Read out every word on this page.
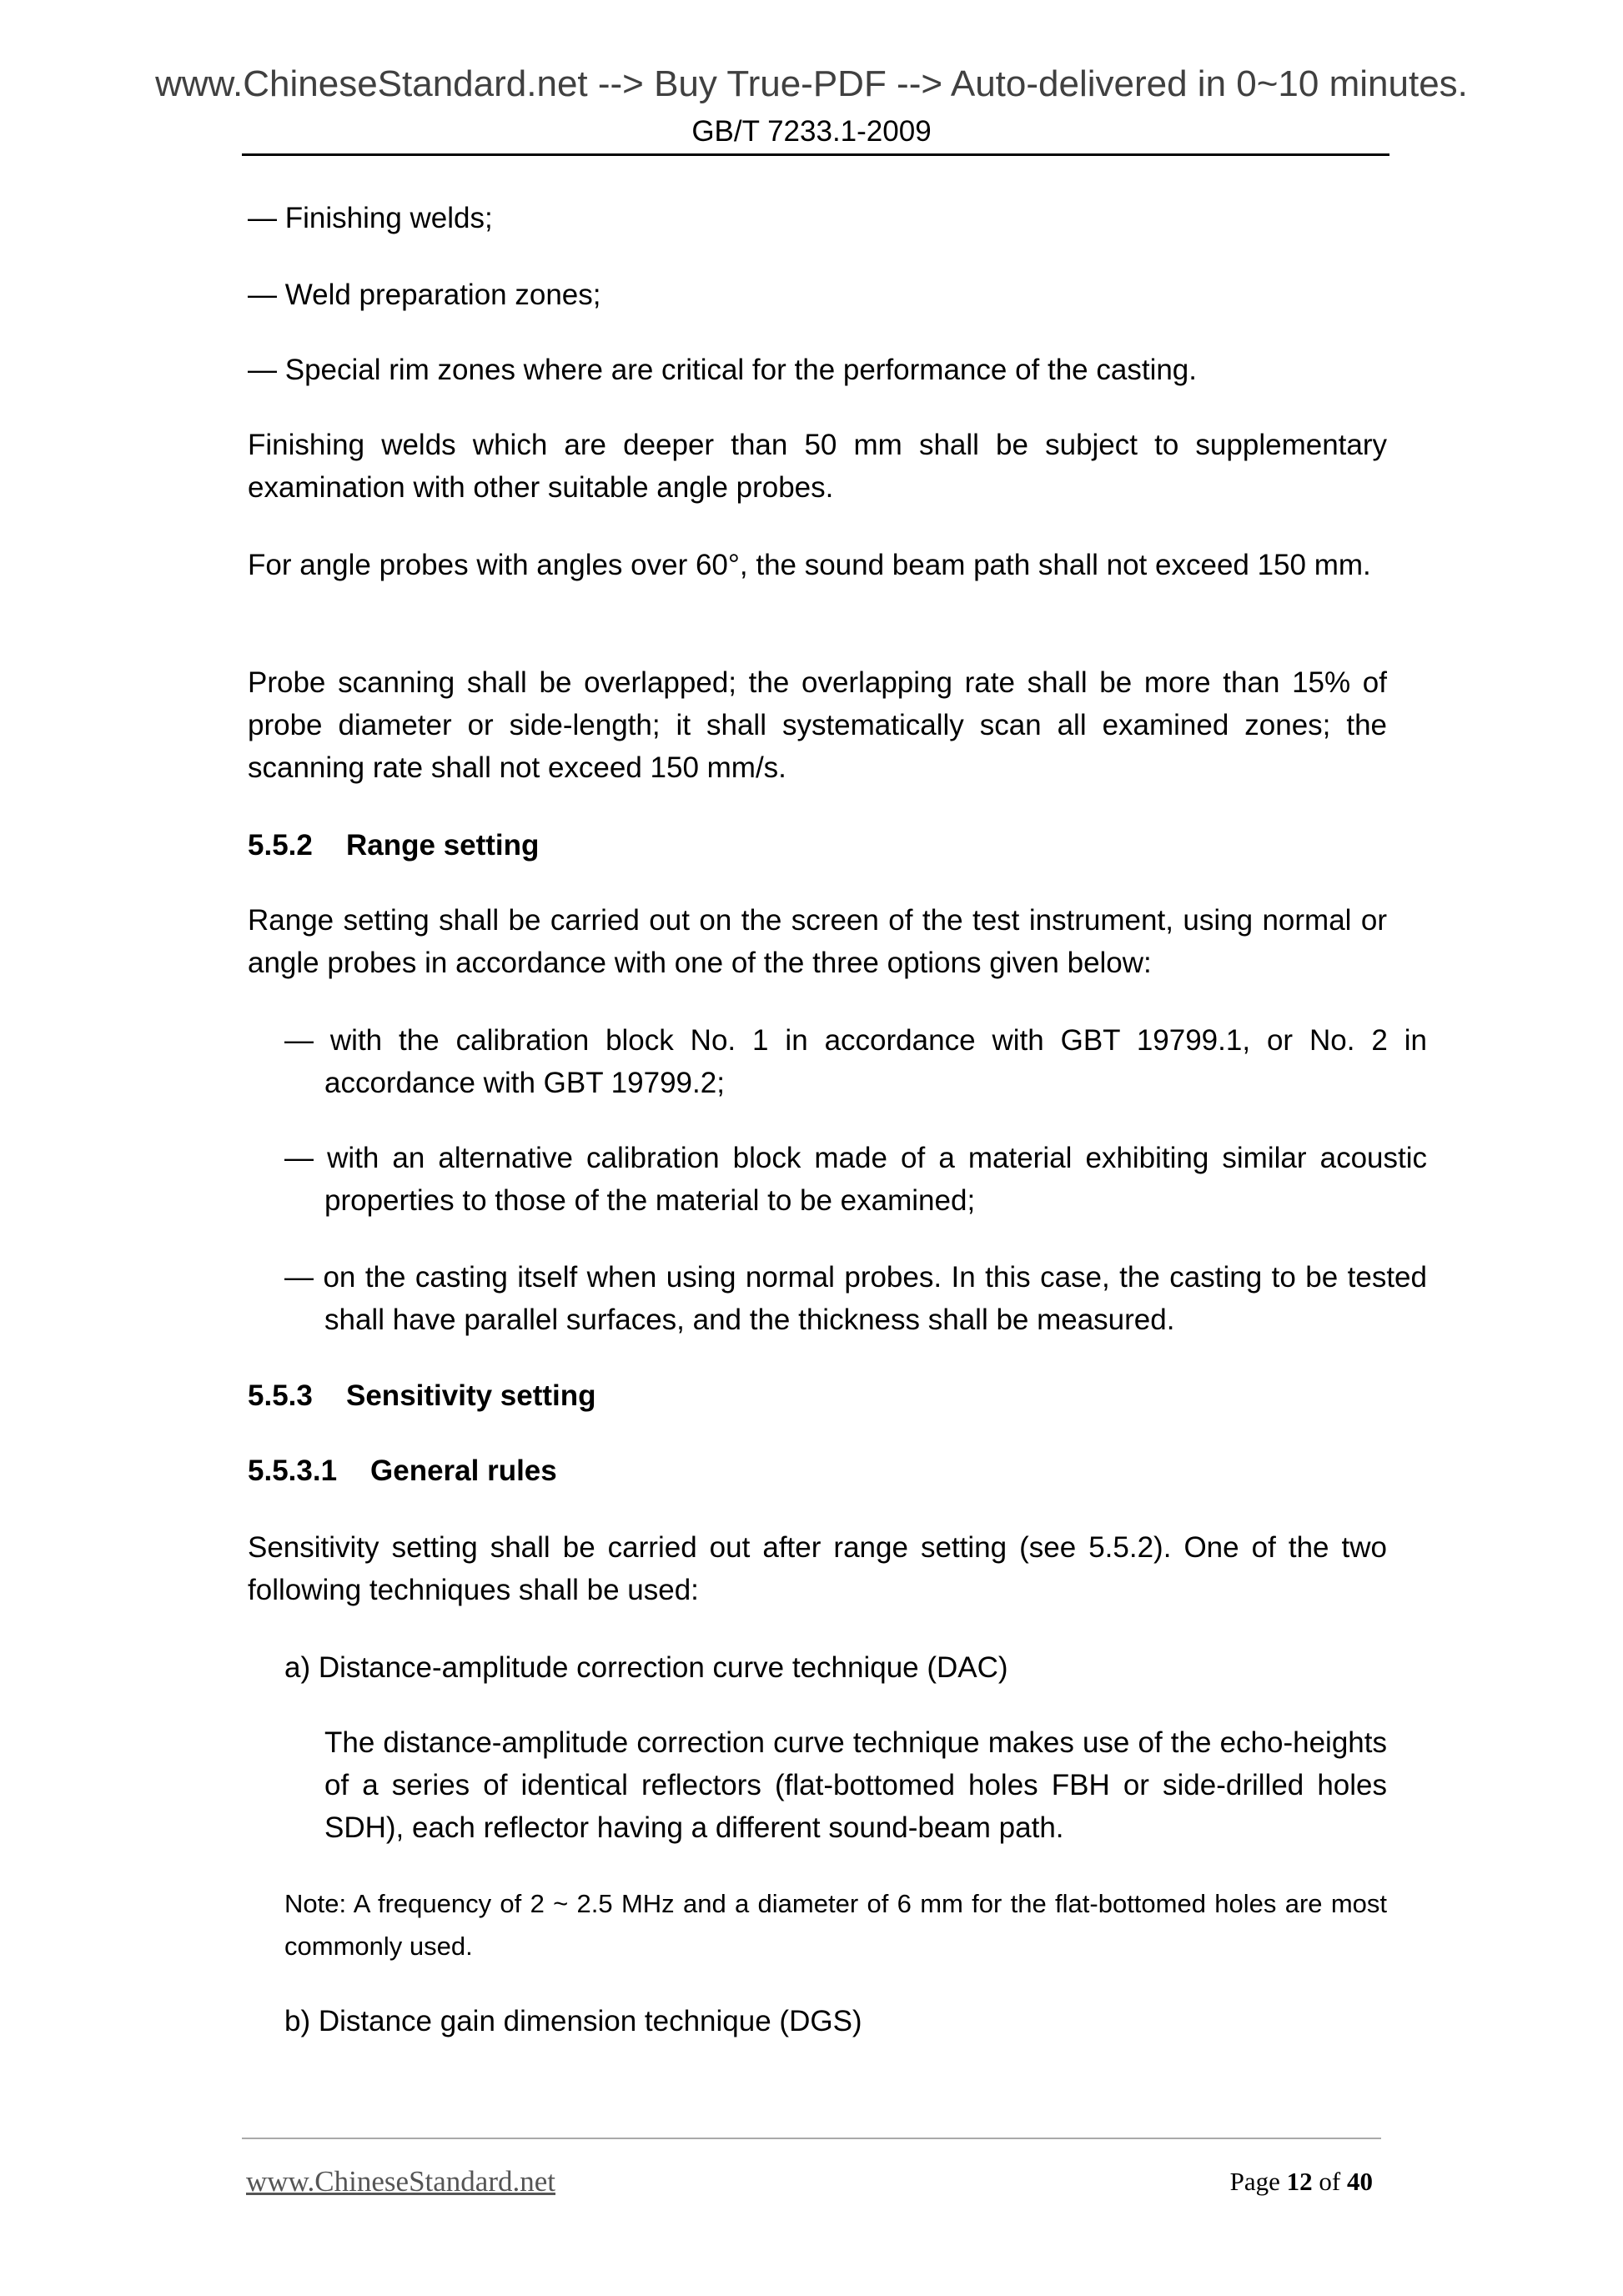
www.ChineseStandard.net --> Buy True-PDF --> Auto-delivered in 0~10 minutes.
GB/T 7233.1-2009

— Finishing welds;

— Weld preparation zones;

— Special rim zones where are critical for the performance of the casting.

Finishing welds which are deeper than 50 mm shall be subject to supplementary examination with other suitable angle probes.

For angle probes with angles over 60°, the sound beam path shall not exceed 150 mm.

Probe scanning shall be overlapped; the overlapping rate shall be more than 15% of probe diameter or side-length; it shall systematically scan all examined zones; the scanning rate shall not exceed 150 mm/s.

5.5.2 Range setting

Range setting shall be carried out on the screen of the test instrument, using normal or angle probes in accordance with one of the three options given below:

— with the calibration block No. 1 in accordance with GBT 19799.1, or No. 2 in accordance with GBT 19799.2;

— with an alternative calibration block made of a material exhibiting similar acoustic properties to those of the material to be examined;

— on the casting itself when using normal probes. In this case, the casting to be tested shall have parallel surfaces, and the thickness shall be measured.

5.5.3 Sensitivity setting

5.5.3.1 General rules

Sensitivity setting shall be carried out after range setting (see 5.5.2). One of the two following techniques shall be used:

a) Distance-amplitude correction curve technique (DAC)

The distance-amplitude correction curve technique makes use of the echo-heights of a series of identical reflectors (flat-bottomed holes FBH or side-drilled holes SDH), each reflector having a different sound-beam path.

Note: A frequency of 2 ~ 2.5 MHz and a diameter of 6 mm for the flat-bottomed holes are most commonly used.

b) Distance gain dimension technique (DGS)

www.ChineseStandard.net	Page 12 of 40
